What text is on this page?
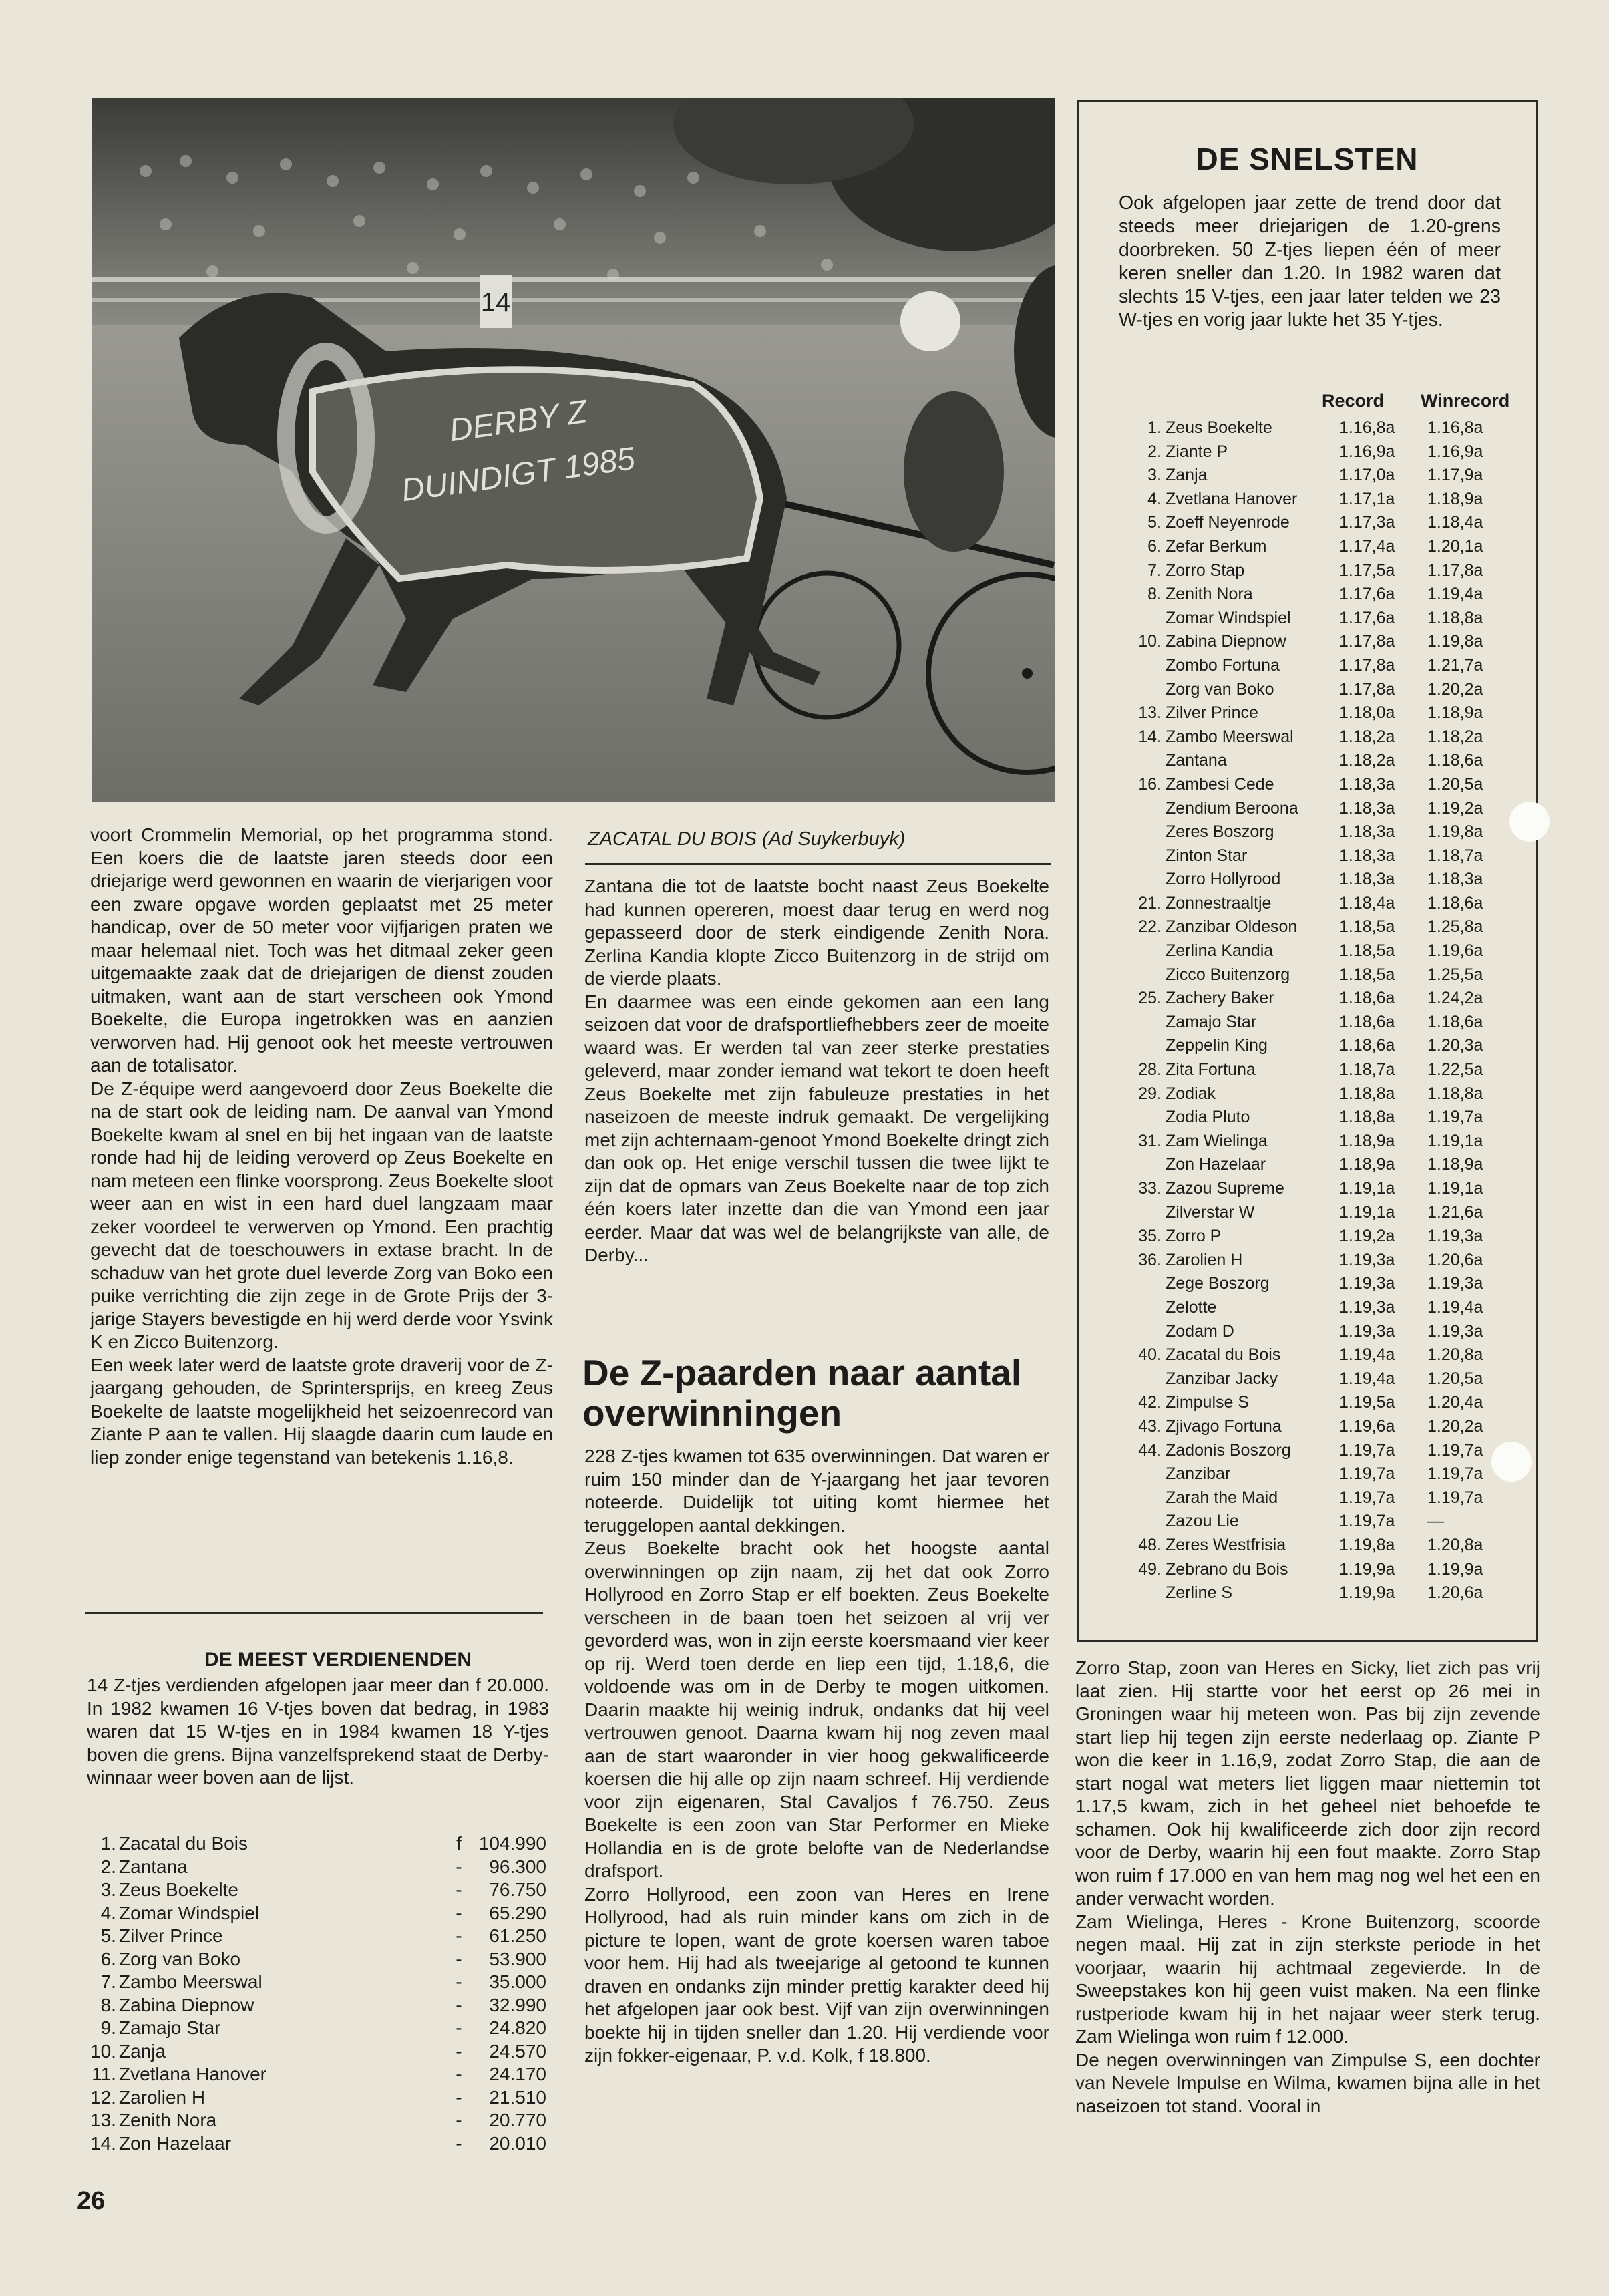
14
DERBY Z
DUINDIGT 1985

voort Crommelin Memorial, op het programma stond. Een koers die de laatste jaren steeds door een driejarige werd gewonnen en waarin de vierjarigen voor een zware opgave worden geplaatst met 25 meter handicap, over de 50 meter voor vijfjarigen praten we maar helemaal niet. Toch was het ditmaal zeker geen uitgemaakte zaak dat de driejarigen de dienst zouden uitmaken, want aan de start verscheen ook Ymond Boekelte, die Europa ingetrokken was en aanzien verworven had. Hij genoot ook het meeste vertrouwen aan de totalisator.

De Z-équipe werd aangevoerd door Zeus Boekelte die na de start ook de leiding nam. De aanval van Ymond Boekelte kwam al snel en bij het ingaan van de laatste ronde had hij de leiding veroverd op Zeus Boekelte en nam meteen een flinke voorsprong. Zeus Boekelte sloot weer aan en wist in een hard duel langzaam maar zeker voordeel te verwerven op Ymond. Een prachtig gevecht dat de toeschouwers in extase bracht. In de schaduw van het grote duel leverde Zorg van Boko een puike verrichting die zijn zege in de Grote Prijs der 3-jarige Stayers bevestigde en hij werd derde voor Ysvink K en Zicco Buitenzorg.

Een week later werd de laatste grote draverij voor de Z-jaargang gehouden, de Sprintersprijs, en kreeg Zeus Boekelte de laatste mogelijkheid het seizoenrecord van Ziante P aan te vallen. Hij slaagde daarin cum laude en liep zonder enige tegenstand van betekenis 1.16,8.

DE MEEST VERDIENENDEN

14 Z-tjes verdienden afgelopen jaar meer dan f 20.000. In 1982 kwamen 16 V-tjes boven dat bedrag, in 1983 waren dat 15 W-tjes en in 1984 kwamen 18 Y-tjes boven die grens. Bijna vanzelfsprekend staat de Derby-winnaar weer boven aan de lijst.

1.	Zacatal du Bois	f	104.990
2.	Zantana	-	96.300
3.	Zeus Boekelte	-	76.750
4.	Zomar Windspiel	-	65.290
5.	Zilver Prince	-	61.250
6.	Zorg van Boko	-	53.900
7.	Zambo Meerswal	-	35.000
8.	Zabina Diepnow	-	32.990
9.	Zamajo Star	-	24.820
10.	Zanja	-	24.570
11.	Zvetlana Hanover	-	24.170
12.	Zarolien H	-	21.510
13.	Zenith Nora	-	20.770
14.	Zon Hazelaar	-	20.010
26
ZACATAL DU BOIS (Ad Suykerbuyk)

Zantana die tot de laatste bocht naast Zeus Boekelte had kunnen opereren, moest daar terug en werd nog gepasseerd door de sterk eindigende Zenith Nora. Zerlina Kandia klopte Zicco Buitenzorg in de strijd om de vierde plaats.

En daarmee was een einde gekomen aan een lang seizoen dat voor de drafsportliefhebbers zeer de moeite waard was. Er werden tal van zeer sterke prestaties geleverd, maar zonder iemand wat tekort te doen heeft Zeus Boekelte met zijn fabuleuze prestaties in het naseizoen de meeste indruk gemaakt. De vergelijking met zijn achternaam-genoot Ymond Boekelte dringt zich dan ook op. Het enige verschil tussen die twee lijkt te zijn dat de opmars van Zeus Boekelte naar de top zich één koers later inzette dan die van Ymond een jaar eerder. Maar dat was wel de belangrijkste van alle, de Derby...

De Z-paarden naar aantal overwinningen

228 Z-tjes kwamen tot 635 overwinningen. Dat waren er ruim 150 minder dan de Y-jaargang het jaar tevoren noteerde. Duidelijk tot uiting komt hiermee het teruggelopen aantal dekkingen.

Zeus Boekelte bracht ook het hoogste aantal overwinningen op zijn naam, zij het dat ook Zorro Hollyrood en Zorro Stap er elf boekten. Zeus Boekelte verscheen in de baan toen het seizoen al vrij ver gevorderd was, won in zijn eerste koersmaand vier keer op rij. Werd toen derde en liep een tijd, 1.18,6, die voldoende was om in de Derby te mogen uitkomen. Daarin maakte hij weinig indruk, ondanks dat hij veel vertrouwen genoot. Daarna kwam hij nog zeven maal aan de start waaronder in vier hoog gekwalificeerde koersen die hij alle op zijn naam schreef. Hij verdiende voor zijn eigenaren, Stal Cavaljos f 76.750. Zeus Boekelte is een zoon van Star Performer en Mieke Hollandia en is de grote belofte van de Nederlandse drafsport.

Zorro Hollyrood, een zoon van Heres en Irene Hollyrood, had als ruin minder kans om zich in de picture te lopen, want de grote koersen waren taboe voor hem. Hij had als tweejarige al getoond te kunnen draven en ondanks zijn minder prettig karakter deed hij het afgelopen jaar ook best. Vijf van zijn overwinningen boekte hij in tijden sneller dan 1.20. Hij verdiende voor zijn fokker-eigenaar, P. v.d. Kolk, f 18.800.

DE SNELSTEN

Ook afgelopen jaar zette de trend door dat steeds meer driejarigen de 1.20-grens doorbreken. 50 Z-tjes liepen één of meer keren sneller dan 1.20. In 1982 waren dat slechts 15 V-tjes, een jaar later telden we 23 W-tjes en vorig jaar lukte het 35 Y-tjes.

Record Winrecord
1.	Zeus Boekelte	1.16,8a	1.16,8a
2.	Ziante P	1.16,9a	1.16,9a
3.	Zanja	1.17,0a	1.17,9a
4.	Zvetlana Hanover	1.17,1a	1.18,9a
5.	Zoeff Neyenrode	1.17,3a	1.18,4a
6.	Zefar Berkum	1.17,4a	1.20,1a
7.	Zorro Stap	1.17,5a	1.17,8a
8.	Zenith Nora	1.17,6a	1.19,4a
	Zomar Windspiel	1.17,6a	1.18,8a
10.	Zabina Diepnow	1.17,8a	1.19,8a
	Zombo Fortuna	1.17,8a	1.21,7a
	Zorg van Boko	1.17,8a	1.20,2a
13.	Zilver Prince	1.18,0a	1.18,9a
14.	Zambo Meerswal	1.18,2a	1.18,2a
	Zantana	1.18,2a	1.18,6a
16.	Zambesi Cede	1.18,3a	1.20,5a
	Zendium Beroona	1.18,3a	1.19,2a
	Zeres Boszorg	1.18,3a	1.19,8a
	Zinton Star	1.18,3a	1.18,7a
	Zorro Hollyrood	1.18,3a	1.18,3a
21.	Zonnestraaltje	1.18,4a	1.18,6a
22.	Zanzibar Oldeson	1.18,5a	1.25,8a
	Zerlina Kandia	1.18,5a	1.19,6a
	Zicco Buitenzorg	1.18,5a	1.25,5a
25.	Zachery Baker	1.18,6a	1.24,2a
	Zamajo Star	1.18,6a	1.18,6a
	Zeppelin King	1.18,6a	1.20,3a
28.	Zita Fortuna	1.18,7a	1.22,5a
29.	Zodiak	1.18,8a	1.18,8a
	Zodia Pluto	1.18,8a	1.19,7a
31.	Zam Wielinga	1.18,9a	1.19,1a
	Zon Hazelaar	1.18,9a	1.18,9a
33.	Zazou Supreme	1.19,1a	1.19,1a
	Zilverstar W	1.19,1a	1.21,6a
35.	Zorro P	1.19,2a	1.19,3a
36.	Zarolien H	1.19,3a	1.20,6a
	Zege Boszorg	1.19,3a	1.19,3a
	Zelotte	1.19,3a	1.19,4a
	Zodam D	1.19,3a	1.19,3a
40.	Zacatal du Bois	1.19,4a	1.20,8a
	Zanzibar Jacky	1.19,4a	1.20,5a
42.	Zimpulse S	1.19,5a	1.20,4a
43.	Zjivago Fortuna	1.19,6a	1.20,2a
44.	Zadonis Boszorg	1.19,7a	1.19,7a
	Zanzibar	1.19,7a	1.19,7a
	Zarah the Maid	1.19,7a	1.19,7a
	Zazou Lie	1.19,7a	—
48.	Zeres Westfrisia	1.19,8a	1.20,8a
49.	Zebrano du Bois	1.19,9a	1.19,9a
	Zerline S	1.19,9a	1.20,6a

Zorro Stap, zoon van Heres en Sicky, liet zich pas vrij laat zien. Hij startte voor het eerst op 26 mei in Groningen waar hij meteen won. Pas bij zijn zevende start liep hij tegen zijn eerste nederlaag op. Ziante P won die keer in 1.16,9, zodat Zorro Stap, die aan de start nogal wat meters liet liggen maar niettemin tot 1.17,5 kwam, zich in het geheel niet behoefde te schamen. Ook hij kwalificeerde zich door zijn record voor de Derby, waarin hij een fout maakte. Zorro Stap won ruim f 17.000 en van hem mag nog wel het een en ander verwacht worden.

Zam Wielinga, Heres - Krone Buitenzorg, scoorde negen maal. Hij zat in zijn sterkste periode in het voorjaar, waarin hij achtmaal zegevierde. In de Sweepstakes kon hij geen vuist maken. Na een flinke rustperiode kwam hij in het najaar weer sterk terug. Zam Wielinga won ruim f 12.000.

De negen overwinningen van Zimpulse S, een dochter van Nevele Impulse en Wilma, kwamen bijna alle in het naseizoen tot stand. Vooral in
